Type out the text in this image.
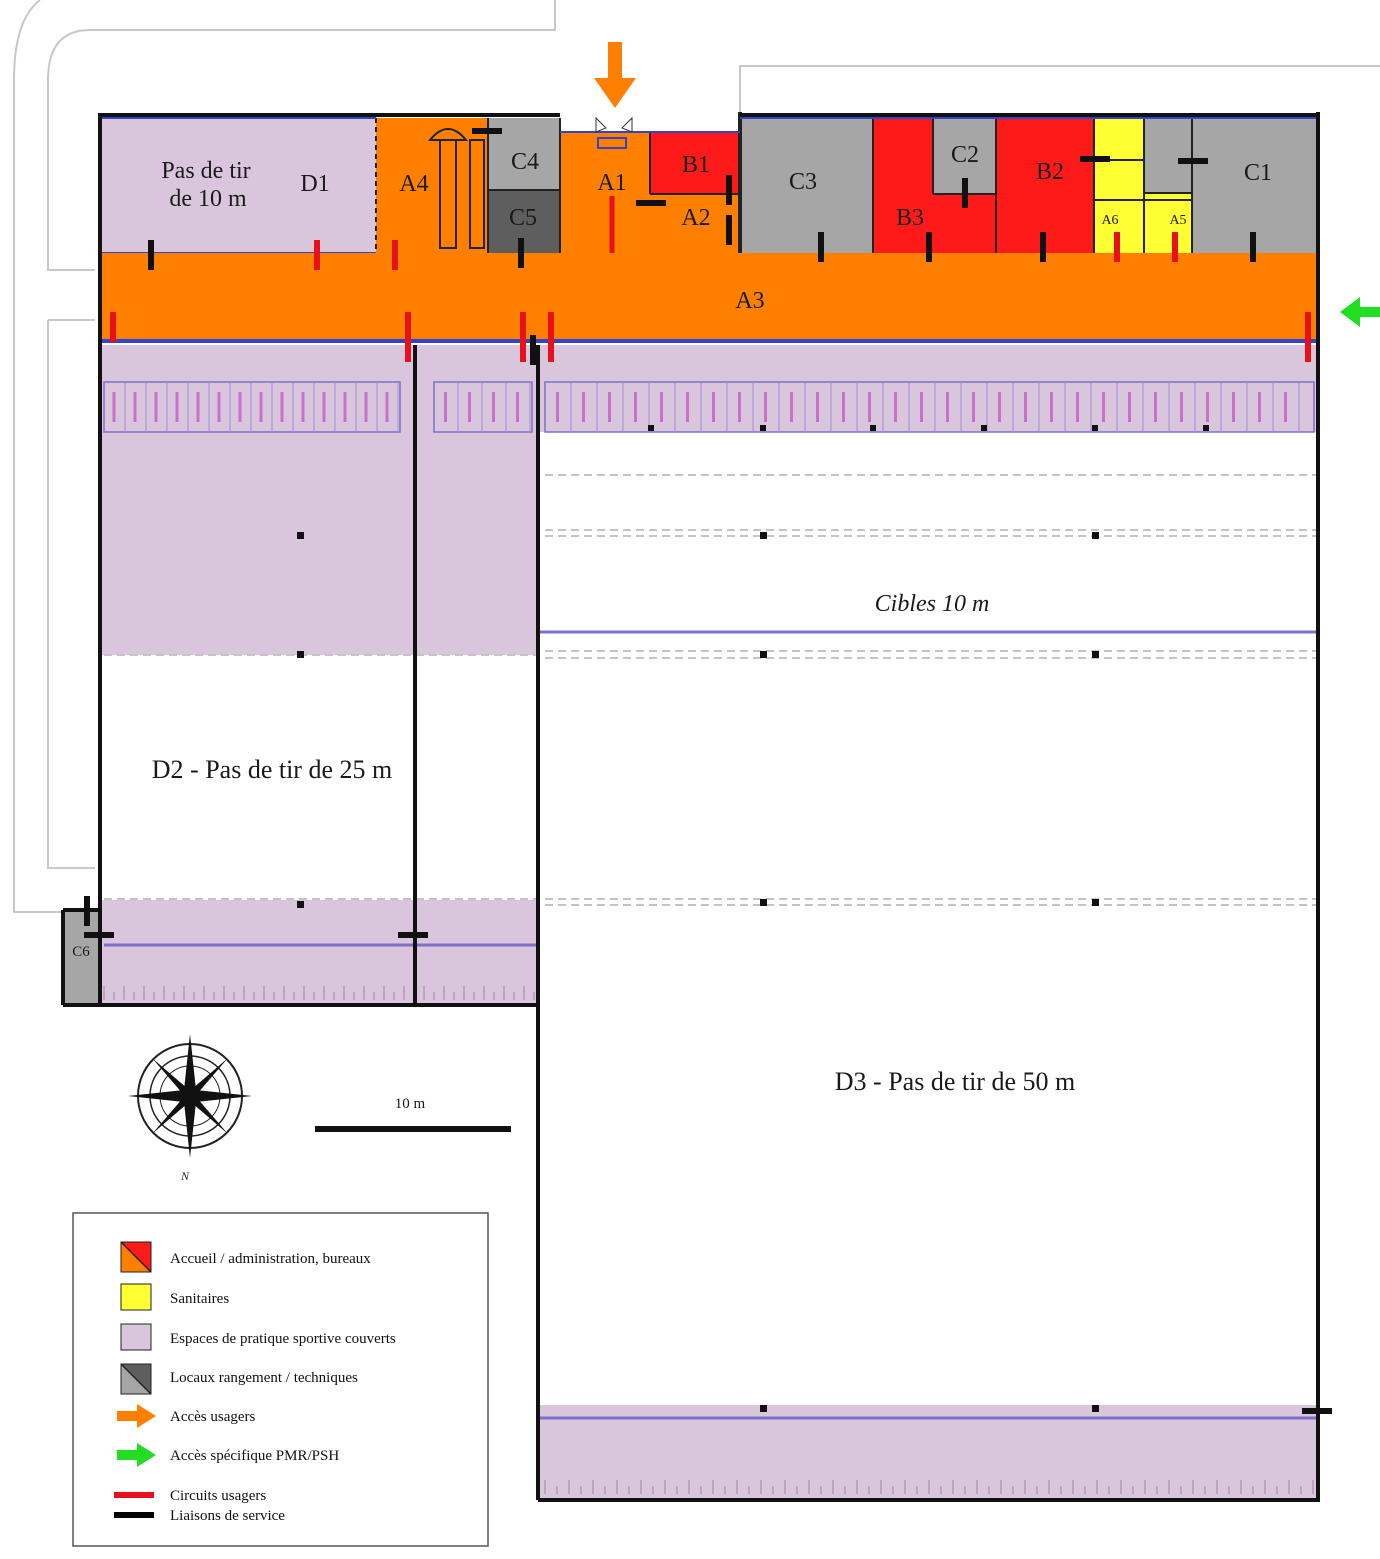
Pas de tir
de 10 m
D1	A4
C4
C5
A1
B1
A2
C3
C2
B3
B2
A6	A5
C1
A3
C6
Cibles 10 m
D2 - Pas de tir de 25 m
D3 - Pas de tir de 50 m
N
10 m
Accueil / administration, bureaux
Sanitaires
Espaces de pratique sportive couverts
Locaux rangement / techniques
Accès usagers
Accès spécifique PMR/PSH
Circuits usagers
Liaisons de service
